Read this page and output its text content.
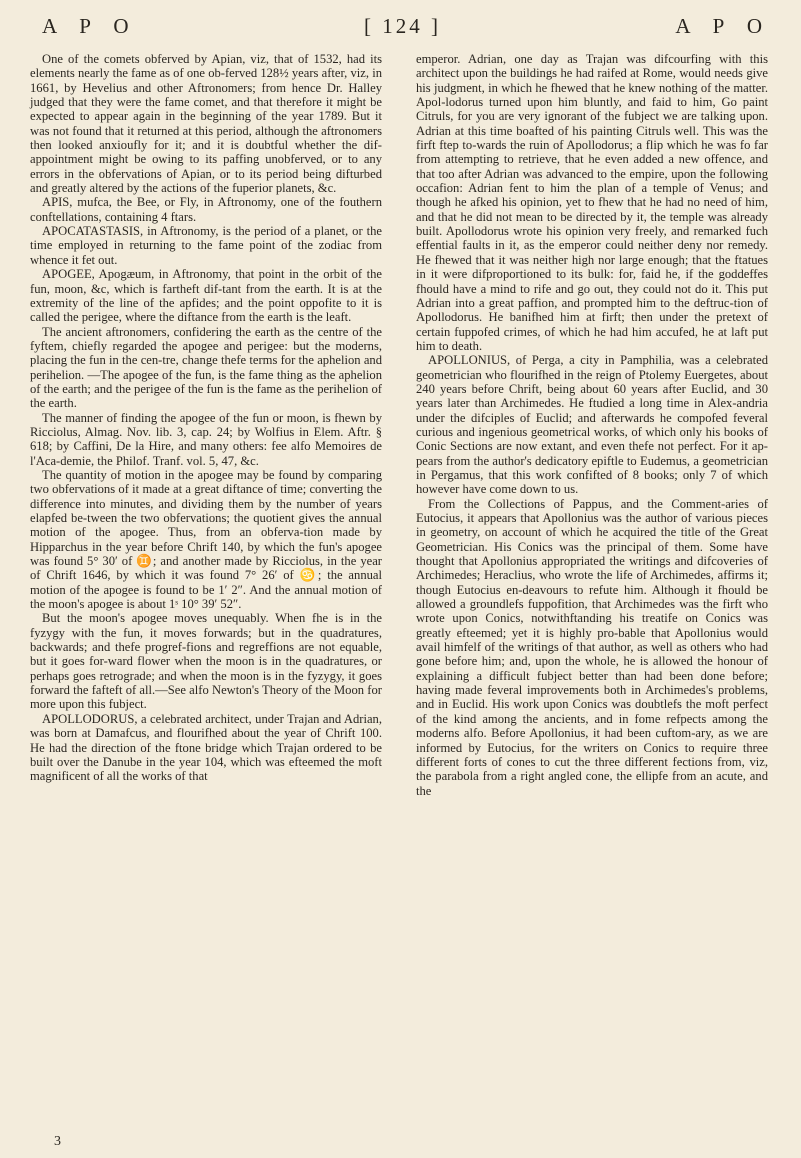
A P O	[ 124 ]	A P O

One of the comets obferved by Apian, viz, that of 1532, had its elements nearly the fame as of one ob-ferved 128½ years after, viz, in 1661, by Hevelius and other Aftronomers; from hence Dr. Halley judged that they were the fame comet, and that therefore it might be expected to appear again in the beginning of the year 1789. But it was not found that it returned at this period, although the aftronomers then looked anxioufly for it; and it is doubtful whether the dif-appointment might be owing to its paffing unobferved, or to any errors in the obfervations of Apian, or to its period being difturbed and greatly altered by the actions of the fuperior planets, &c.

APIS, mufca, the Bee, or Fly, in Aftronomy, one of the fouthern conftellations, containing 4 ftars.

APOCATASTASIS, in Aftronomy, is the period of a planet, or the time employed in returning to the fame point of the zodiac from whence it fet out.

APOGEE, Apogæum, in Aftronomy, that point in the orbit of the fun, moon, &c, which is fartheft dif-tant from the earth. It is at the extremity of the line of the apfides; and the point oppofite to it is called the perigee, where the diftance from the earth is the leaft.

The ancient aftronomers, confidering the earth as the centre of the fyftem, chiefly regarded the apogee and perigee: but the moderns, placing the fun in the cen-tre, change thefe terms for the aphelion and perihelion. —The apogee of the fun, is the fame thing as the aphelion of the earth; and the perigee of the fun is the fame as the perihelion of the earth.

The manner of finding the apogee of the fun or moon, is fhewn by Ricciolus, Almag. Nov. lib. 3, cap. 24; by Wolfius in Elem. Aftr. § 618; by Caffini, De la Hire, and many others: fee alfo Memoires de l'Aca-demie, the Philof. Tranf. vol. 5, 47, &c.

The quantity of motion in the apogee may be found by comparing two obfervations of it made at a great diftance of time; converting the difference into minutes, and dividing them by the number of years elapfed be-tween the two obfervations; the quotient gives the annual motion of the apogee. Thus, from an obferva-tion made by Hipparchus in the year before Chrift 140, by which the fun's apogee was found 5° 30′ of ♊; and another made by Ricciolus, in the year of Chrift 1646, by which it was found 7° 26′ of ♋; the annual motion of the apogee is found to be 1′ 2″. And the annual motion of the moon's apogee is about 1ˢ 10° 39′ 52″.

But the moon's apogee moves unequably. When fhe is in the fyzygy with the fun, it moves forwards; but in the quadratures, backwards; and thefe progref-fions and regreffions are not equable, but it goes for-ward flower when the moon is in the quadratures, or perhaps goes retrograde; and when the moon is in the fyzygy, it goes forward the fafteft of all.—See alfo Newton's Theory of the Moon for more upon this fubject.

APOLLODORUS, a celebrated architect, under Trajan and Adrian, was born at Damafcus, and flourifhed about the year of Chrift 100. He had the direction of the ftone bridge which Trajan ordered to be built over the Danube in the year 104, which was efteemed the moft magnificent of all the works of that

emperor. Adrian, one day as Trajan was difcourfing with this architect upon the buildings he had raifed at Rome, would needs give his judgment, in which he fhewed that he knew nothing of the matter. Apol-lodorus turned upon him bluntly, and faid to him, Go paint Citruls, for you are very ignorant of the fubject we are talking upon. Adrian at this time boafted of his painting Citruls well. This was the firft ftep to-wards the ruin of Apollodorus; a flip which he was fo far from attempting to retrieve, that he even added a new offence, and that too after Adrian was advanced to the empire, upon the following occafion: Adrian fent to him the plan of a temple of Venus; and though he afked his opinion, yet to fhew that he had no need of him, and that he did not mean to be directed by it, the temple was already built. Apollodorus wrote his opinion very freely, and remarked fuch effential faults in it, as the emperor could neither deny nor remedy. He fhewed that it was neither high nor large enough; that the ftatues in it were difproportioned to its bulk: for, faid he, if the goddeffes fhould have a mind to rife and go out, they could not do it. This put Adrian into a great paffion, and prompted him to the deftruc-tion of Apollodorus. He banifhed him at firft; then under the pretext of certain fuppofed crimes, of which he had him accufed, he at laft put him to death.

APOLLONIUS, of Perga, a city in Pamphilia, was a celebrated geometrician who flourifhed in the reign of Ptolemy Euergetes, about 240 years before Chrift, being about 60 years after Euclid, and 30 years later than Archimedes. He ftudied a long time in Alex-andria under the difciples of Euclid; and afterwards he compofed feveral curious and ingenious geometrical works, of which only his books of Conic Sections are now extant, and even thefe not perfect. For it ap-pears from the author's dedicatory epiftle to Eudemus, a geometrician in Pergamus, that this work confifted of 8 books; only 7 of which however have come down to us.

From the Collections of Pappus, and the Comment-aries of Eutocius, it appears that Apollonius was the author of various pieces in geometry, on account of which he acquired the title of the Great Geometrician. His Conics was the principal of them. Some have thought that Apollonius appropriated the writings and difcoveries of Archimedes; Heraclius, who wrote the life of Archimedes, affirms it; though Eutocius en-deavours to refute him. Although it fhould be allowed a groundlefs fuppofition, that Archimedes was the firft who wrote upon Conics, notwithftanding his treatife on Conics was greatly efteemed; yet it is highly pro-bable that Apollonius would avail himfelf of the writings of that author, as well as others who had gone before him; and, upon the whole, he is allowed the honour of explaining a difficult fubject better than had been done before; having made feveral improvements both in Archimedes's problems, and in Euclid. His work upon Conics was doubtlefs the moft perfect of the kind among the ancients, and in fome refpects among the moderns alfo. Before Apollonius, it had been cuftom-ary, as we are informed by Eutocius, for the writers on Conics to require three different forts of cones to cut the three different fections from, viz, the parabola from a right angled cone, the ellipfe from an acute, and the

3
